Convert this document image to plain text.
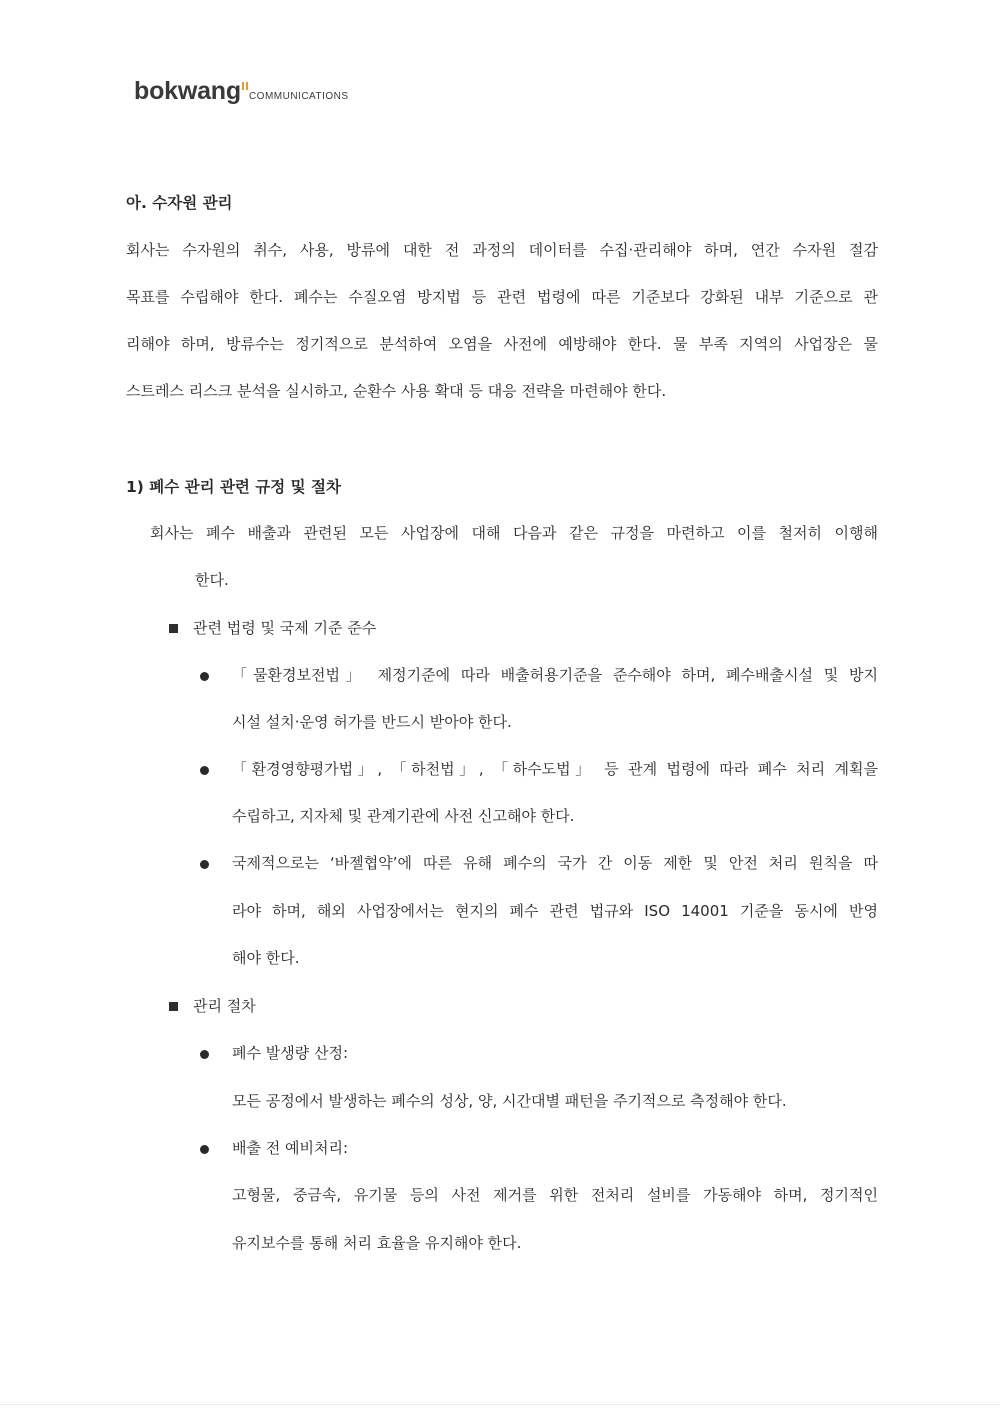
bokwang COMMUNICATIONS
아. 수자원 관리
회사는 수자원의 취수, 사용, 방류에 대한 전 과정의 데이터를 수집·관리해야 하며, 연간 수자원 절감
목표를 수립해야 한다. 폐수는 수질오염 방지법 등 관련 법령에 따른 기준보다 강화된 내부 기준으로 관
리해야 하며, 방류수는 정기적으로 분석하여 오염을 사전에 예방해야 한다. 물 부족 지역의 사업장은 물
스트레스 리스크 분석을 실시하고, 순환수 사용 확대 등 대응 전략을 마련해야 한다.
1) 폐수 관리 관련 규정 및 절차
회사는 폐수 배출과 관련된 모든 사업장에 대해 다음과 같은 규정을 마련하고 이를 철저히 이행해
한다.
관련 법령 및 국제 기준 준수
「물환경보전법」 제정기준에 따라 배출허용기준을 준수해야 하며, 폐수배출시설 및 방지
시설 설치·운영 허가를 반드시 받아야 한다.
「환경영향평가법」, 「하천법」, 「하수도법」 등 관계 법령에 따라 폐수 처리 계획을
수립하고, 지자체 및 관계기관에 사전 신고해야 한다.
국제적으로는 ‘바젤협약’에 따른 유해 폐수의 국가 간 이동 제한 및 안전 처리 원칙을 따
라야 하며, 해외 사업장에서는 현지의 폐수 관련 법규와 ISO 14001 기준을 동시에 반영
해야 한다.
관리 절차
폐수 발생량 산정:
모든 공정에서 발생하는 폐수의 성상, 양, 시간대별 패턴을 주기적으로 측정해야 한다.
배출 전 예비처리:
고형물, 중금속, 유기물 등의 사전 제거를 위한 전처리 설비를 가동해야 하며, 정기적인
유지보수를 통해 처리 효율을 유지해야 한다.
